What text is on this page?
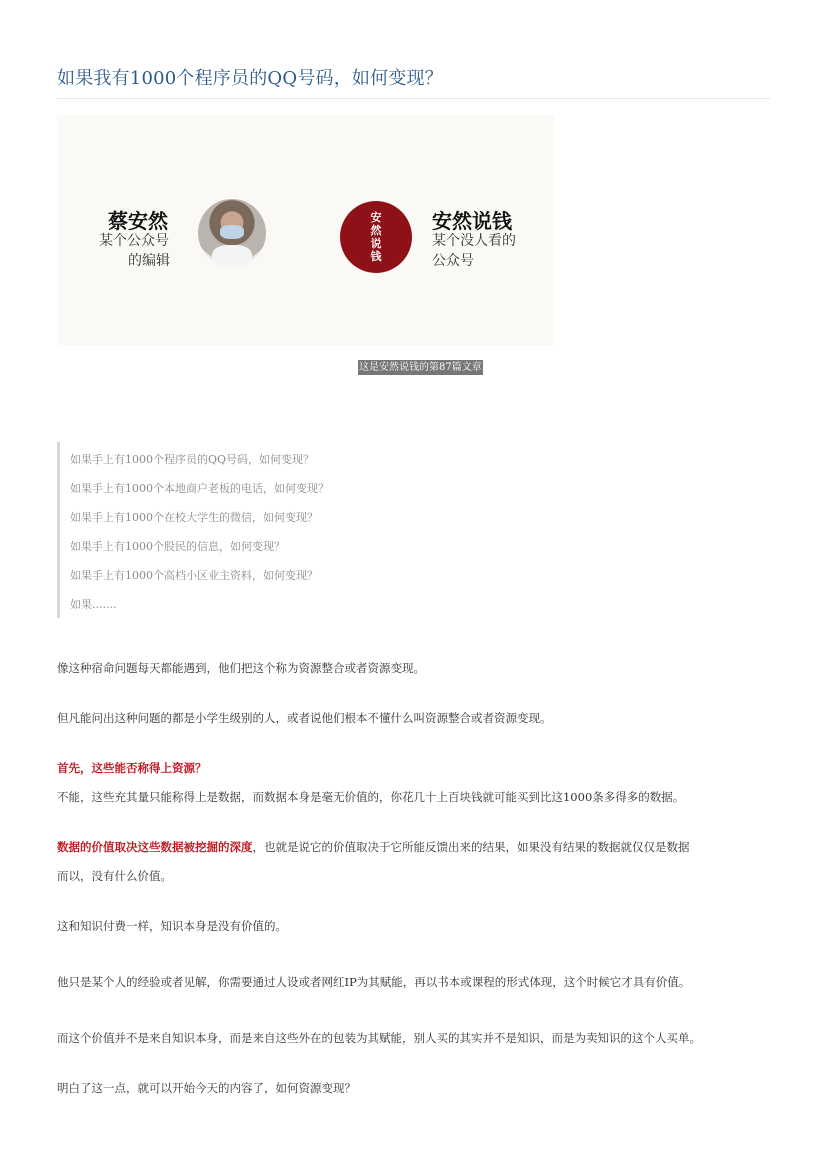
如果我有1000个程序员的QQ号码，如何变现？
蔡安然
某个公众号
的编辑
安
然
说
钱
安然说钱
某个没人看的
公众号
这是安然说钱的第87篇文章
如果手上有1000个程序员的QQ号码，如何变现？
如果手上有1000个本地商户老板的电话，如何变现？
如果手上有1000个在校大学生的微信，如何变现？
如果手上有1000个股民的信息，如何变现？
如果手上有1000个高档小区业主资料，如何变现？
如果.......

像这种宿命问题每天都能遇到，他们把这个称为资源整合或者资源变现。

但凡能问出这种问题的都是小学生级别的人，或者说他们根本不懂什么叫资源整合或者资源变现。

首先，这些能否称得上资源？

不能，这些充其量只能称得上是数据，而数据本身是毫无价值的，你花几十上百块钱就可能买到比这1000条多得多的数据。

数据的价值取决这些数据被挖掘的深度，也就是说它的价值取决于它所能反馈出来的结果，如果没有结果的数据就仅仅是数据

而以，没有什么价值。

这和知识付费一样，知识本身是没有价值的。

他只是某个人的经验或者见解，你需要通过人设或者网红IP为其赋能，再以书本或课程的形式体现，这个时候它才具有价值。

而这个价值并不是来自知识本身，而是来自这些外在的包装为其赋能，别人买的其实并不是知识，而是为卖知识的这个人买单。

明白了这一点，就可以开始今天的内容了，如何资源变现？
